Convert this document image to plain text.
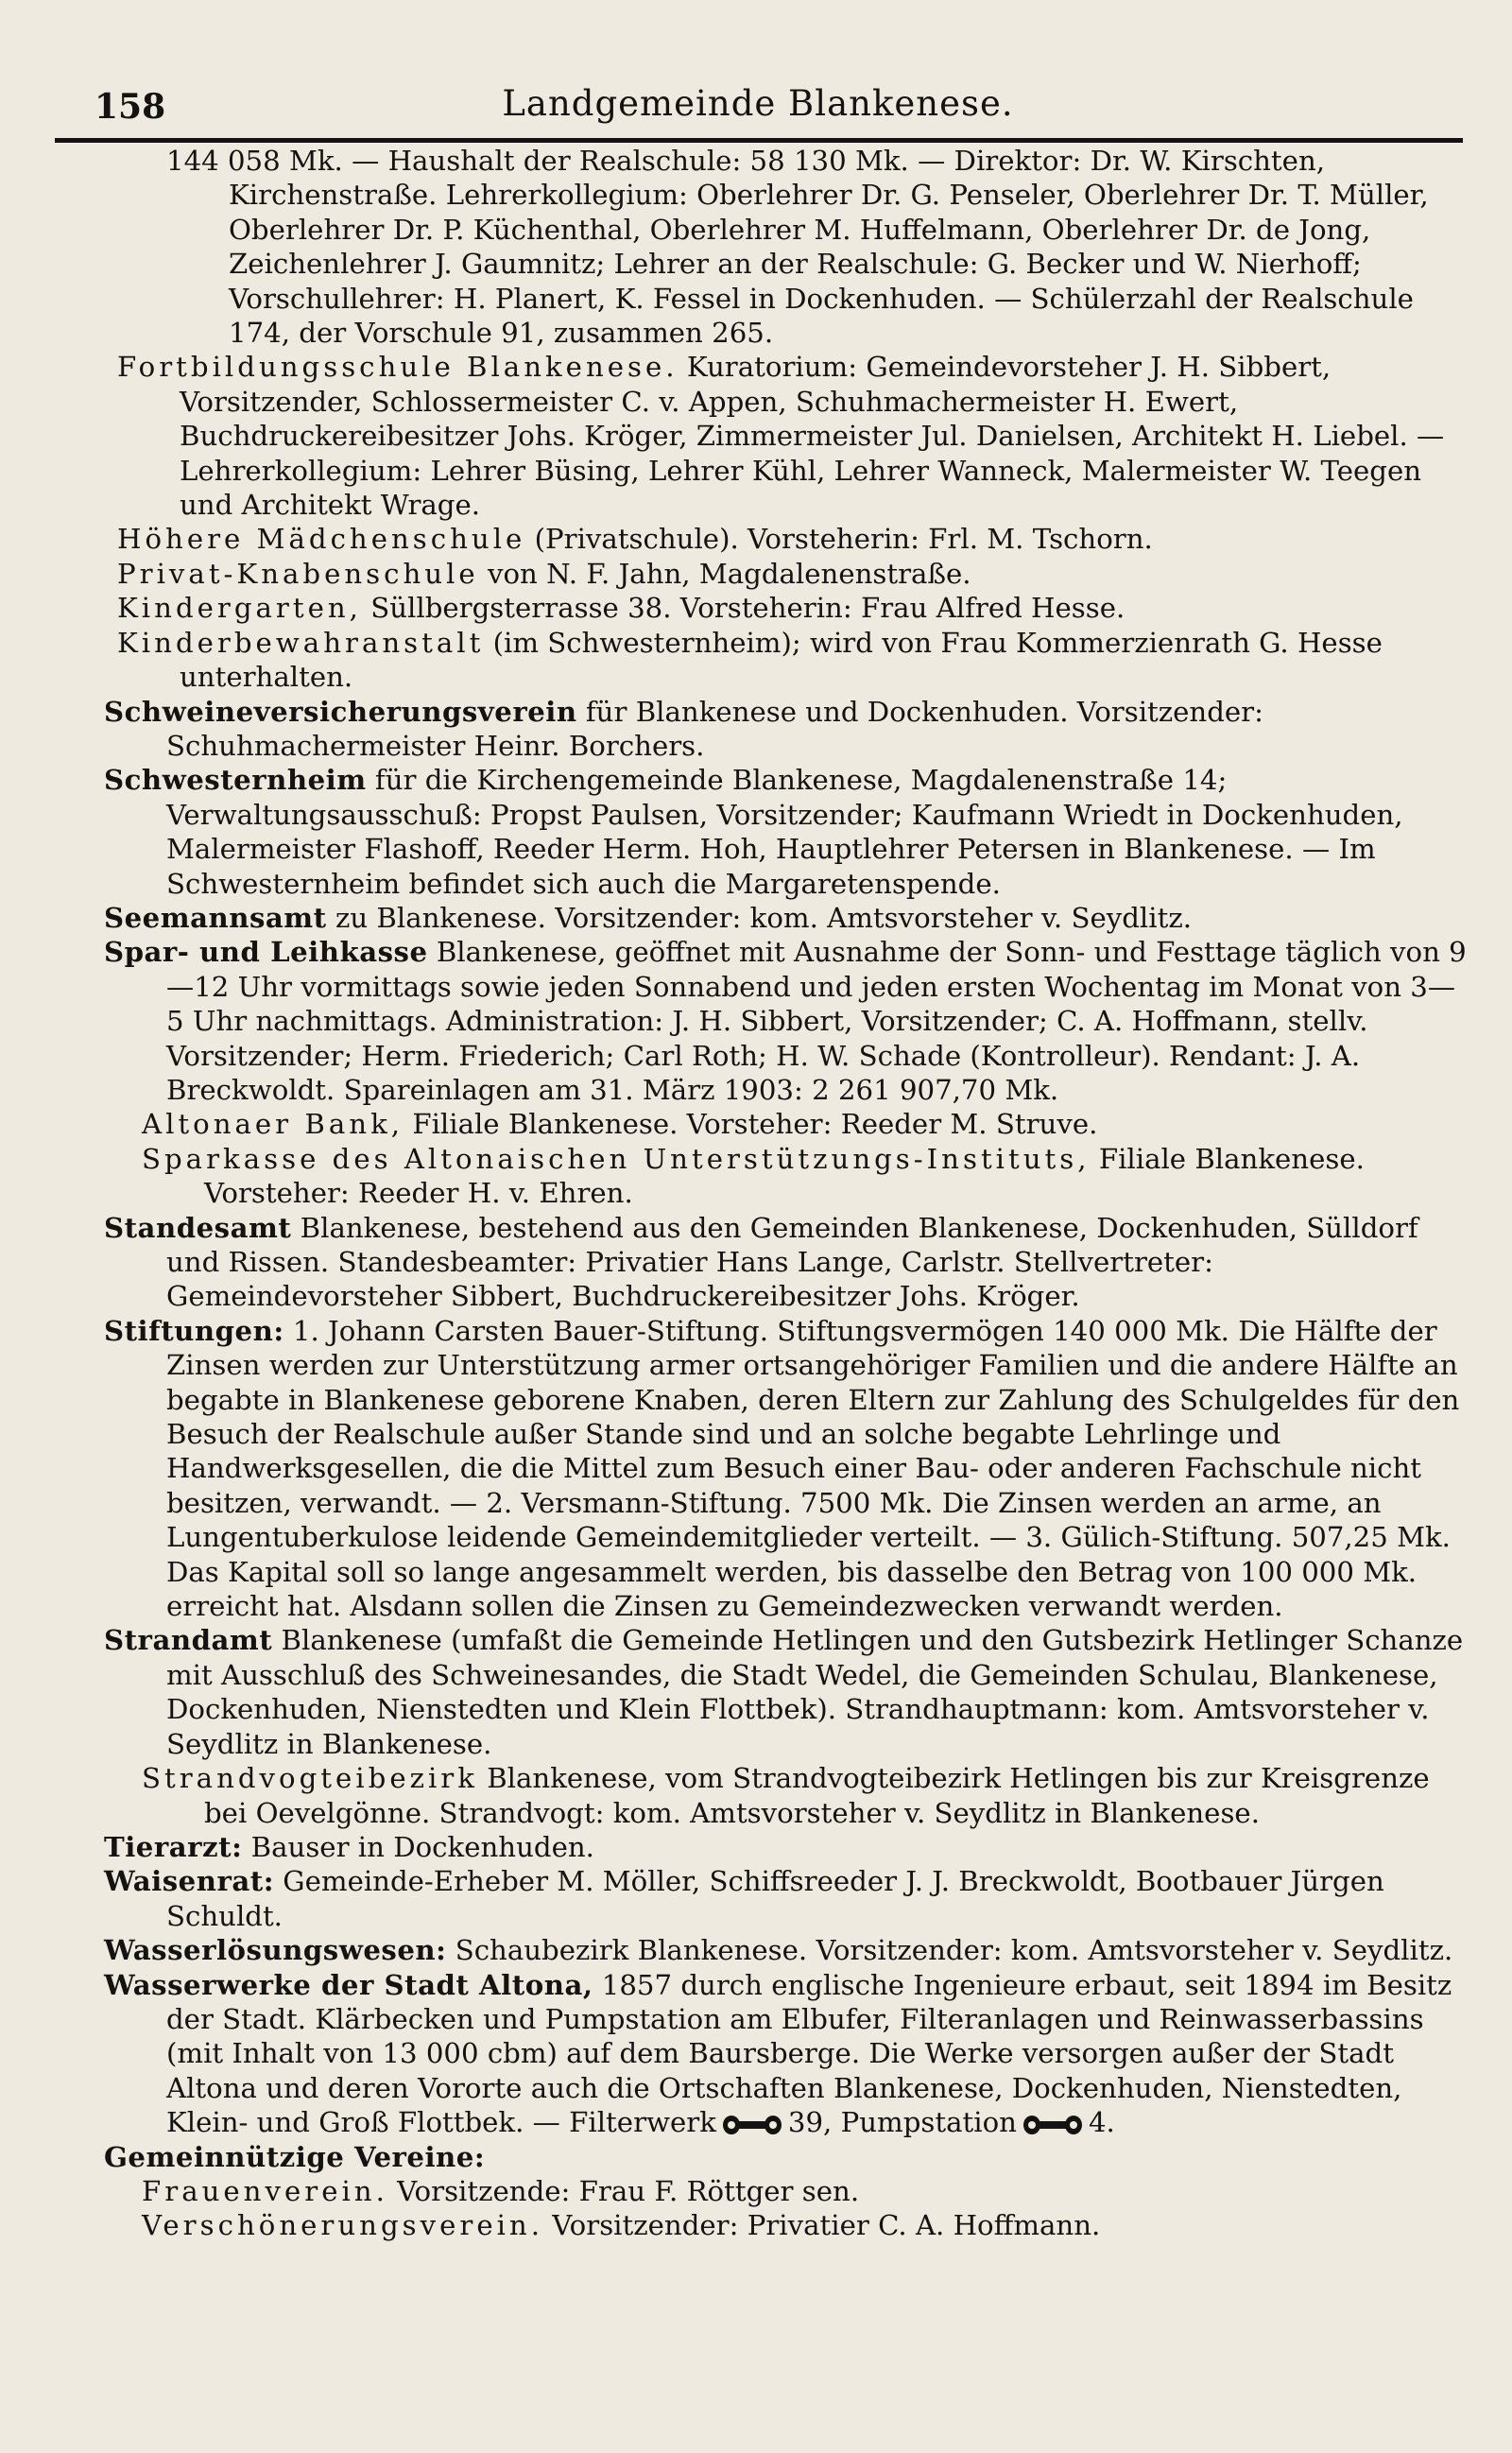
158	Landgemeinde Blankenese.

144 058 Mk. — Haushalt der Realschule: 58 130 Mk. — Direktor: Dr. W. Kirschten, Kirchenstraße. Lehrerkollegium: Oberlehrer Dr. G. Penseler, Oberlehrer Dr. T. Müller, Oberlehrer Dr. P. Küchenthal, Oberlehrer M. Huffelmann, Oberlehrer Dr. de Jong, Zeichenlehrer J. Gaumnitz; Lehrer an der Realschule: G. Becker und W. Nierhoff; Vorschullehrer: H. Planert, K. Fessel in Dockenhuden. — Schülerzahl der Realschule 174, der Vorschule 91, zusammen 265.

Fortbildungsschule Blankenese. Kuratorium: Gemeindevorsteher J. H. Sibbert, Vorsitzender, Schlossermeister C. v. Appen, Schuhmachermeister H. Ewert, Buchdruckereibesitzer Johs. Kröger, Zimmermeister Jul. Danielsen, Architekt H. Liebel. — Lehrerkollegium: Lehrer Büsing, Lehrer Kühl, Lehrer Wanneck, Malermeister W. Teegen und Architekt Wrage.

Höhere Mädchenschule (Privatschule). Vorsteherin: Frl. M. Tschorn.

Privat-Knabenschule von N. F. Jahn, Magdalenenstraße.

Kindergarten, Süllbergsterrasse 38. Vorsteherin: Frau Alfred Hesse.

Kinderbewahranstalt (im Schwesternheim); wird von Frau Kommerzienrath G. Hesse unterhalten.

Schweineversicherungsverein für Blankenese und Dockenhuden. Vorsitzender: Schuhmachermeister Heinr. Borchers.

Schwesternheim für die Kirchengemeinde Blankenese, Magdalenenstraße 14; Verwaltungsausschuß: Propst Paulsen, Vorsitzender; Kaufmann Wriedt in Dockenhuden, Malermeister Flashoff, Reeder Herm. Hoh, Hauptlehrer Petersen in Blankenese. — Im Schwesternheim befindet sich auch die Margaretenspende.

Seemannsamt zu Blankenese. Vorsitzender: kom. Amtsvorsteher v. Seydlitz.

Spar- und Leihkasse Blankenese, geöffnet mit Ausnahme der Sonn- und Festtage täglich von 9—12 Uhr vormittags sowie jeden Sonnabend und jeden ersten Wochentag im Monat von 3—5 Uhr nachmittags. Administration: J. H. Sibbert, Vorsitzender; C. A. Hoffmann, stellv. Vorsitzender; Herm. Friederich; Carl Roth; H. W. Schade (Kontrolleur). Rendant: J. A. Breckwoldt. Spareinlagen am 31. März 1903: 2 261 907,70 Mk.

Altonaer Bank, Filiale Blankenese. Vorsteher: Reeder M. Struve.

Sparkasse des Altonaischen Unterstützungs-Instituts, Filiale Blankenese. Vorsteher: Reeder H. v. Ehren.

Standesamt Blankenese, bestehend aus den Gemeinden Blankenese, Dockenhuden, Sülldorf und Rissen. Standesbeamter: Privatier Hans Lange, Carlstr. Stellvertreter: Gemeindevorsteher Sibbert, Buchdruckereibesitzer Johs. Kröger.

Stiftungen: 1. Johann Carsten Bauer-Stiftung. Stiftungsvermögen 140 000 Mk. Die Hälfte der Zinsen werden zur Unterstützung armer ortsangehöriger Familien und die andere Hälfte an begabte in Blankenese geborene Knaben, deren Eltern zur Zahlung des Schulgeldes für den Besuch der Realschule außer Stande sind und an solche begabte Lehrlinge und Handwerksgesellen, die die Mittel zum Besuch einer Bau- oder anderen Fachschule nicht besitzen, verwandt. — 2. Versmann-Stiftung. 7500 Mk. Die Zinsen werden an arme, an Lungentuberkulose leidende Gemeindemitglieder verteilt. — 3. Gülich-Stiftung. 507,25 Mk. Das Kapital soll so lange angesammelt werden, bis dasselbe den Betrag von 100 000 Mk. erreicht hat. Alsdann sollen die Zinsen zu Gemeindezwecken verwandt werden.

Strandamt Blankenese (umfaßt die Gemeinde Hetlingen und den Gutsbezirk Hetlinger Schanze mit Ausschluß des Schweinesandes, die Stadt Wedel, die Gemeinden Schulau, Blankenese, Dockenhuden, Nienstedten und Klein Flottbek). Strandhauptmann: kom. Amtsvorsteher v. Seydlitz in Blankenese.

Strandvogteibezirk Blankenese, vom Strandvogteibezirk Hetlingen bis zur Kreisgrenze bei Oevelgönne. Strandvogt: kom. Amtsvorsteher v. Seydlitz in Blankenese.

Tierarzt: Bauser in Dockenhuden.

Waisenrat: Gemeinde-Erheber M. Möller, Schiffsreeder J. J. Breckwoldt, Bootbauer Jürgen Schuldt.

Wasserlösungswesen: Schaubezirk Blankenese. Vorsitzender: kom. Amtsvorsteher v. Seydlitz.

Wasserwerke der Stadt Altona, 1857 durch englische Ingenieure erbaut, seit 1894 im Besitz der Stadt. Klärbecken und Pumpstation am Elbufer, Filteranlagen und Reinwasserbassins (mit Inhalt von 13 000 cbm) auf dem Baursberge. Die Werke versorgen außer der Stadt Altona und deren Vororte auch die Ortschaften Blankenese, Dockenhuden, Nienstedten, Klein- und Groß Flottbek. — Filterwerk	39, Pumpstation	4.

Gemeinnützige Vereine:

Frauenverein. Vorsitzende: Frau F. Röttger sen.

Verschönerungsverein. Vorsitzender: Privatier C. A. Hoffmann.
